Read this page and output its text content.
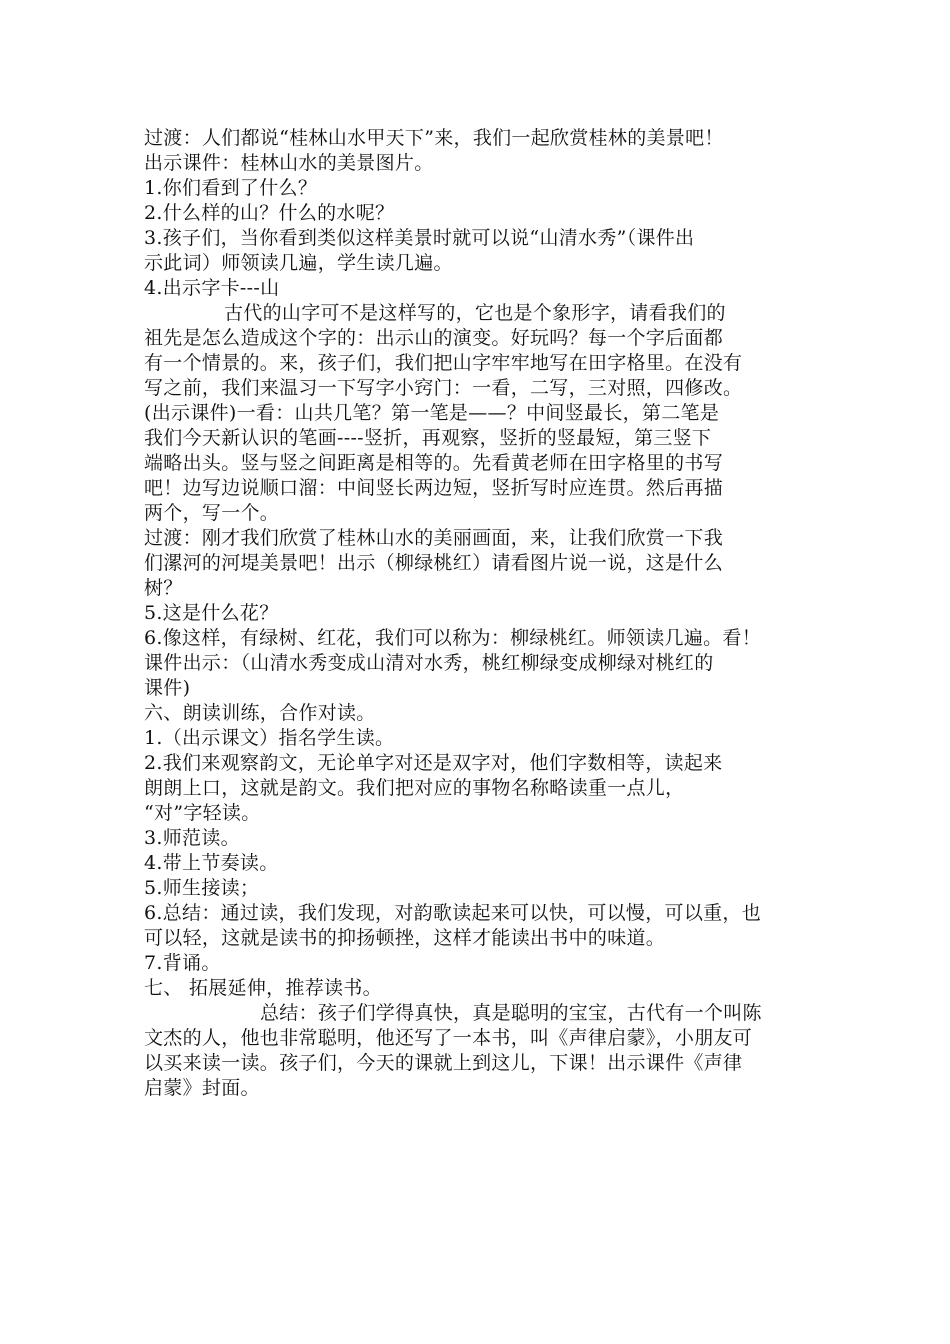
过渡：人们都说“桂林山水甲天下”来，我们一起欣赏桂林的美景吧！
出示课件：桂林山水的美景图片。
1.你们看到了什么？
2.什么样的山？什么的水呢？
3.孩子们，当你看到类似这样美景时就可以说“山清水秀”（课件出
示此词）师领读几遍，学生读几遍。
4.出示字卡---山
古代的山字可不是这样写的，它也是个象形字，请看我们的
祖先是怎么造成这个字的：出示山的演变。好玩吗？每一个字后面都
有一个情景的。来，孩子们，我们把山字牢牢地写在田字格里。在没有
写之前，我们来温习一下写字小窍门：一看，二写，三对照，四修改。
(出示课件)一看：山共几笔？第一笔是——？中间竖最长，第二笔是
我们今天新认识的笔画----竖折，再观察，竖折的竖最短，第三竖下
端略出头。竖与竖之间距离是相等的。先看黄老师在田字格里的书写
吧！边写边说顺口溜：中间竖长两边短，竖折写时应连贯。然后再描
两个，写一个。
过渡：刚才我们欣赏了桂林山水的美丽画面，来，让我们欣赏一下我
们漯河的河堤美景吧！出示（柳绿桃红）请看图片说一说，这是什么
树？
5.这是什么花？
6.像这样，有绿树、红花，我们可以称为：柳绿桃红。师领读几遍。看！
课件出示：（山清水秀变成山清对水秀，桃红柳绿变成柳绿对桃红的
课件)
六、朗读训练，合作对读。
1.（出示课文）指名学生读。
2.我们来观察韵文，无论单字对还是双字对，他们字数相等，读起来
朗朗上口，这就是韵文。我们把对应的事物名称略读重一点儿，
“对”字轻读。
3.师范读。
4.带上节奏读。
5.师生接读；
6.总结：通过读，我们发现，对韵歌读起来可以快，可以慢，可以重，也
可以轻，这就是读书的抑扬顿挫，这样才能读出书中的味道。
7.背诵。
七、 拓展延伸，推荐读书。
总结：孩子们学得真快，真是聪明的宝宝，古代有一个叫陈
文杰的人，他也非常聪明，他还写了一本书，叫《声律启蒙》，小朋友可
以买来读一读。孩子们，今天的课就上到这儿，下课！出示课件《声律
启蒙》封面。
